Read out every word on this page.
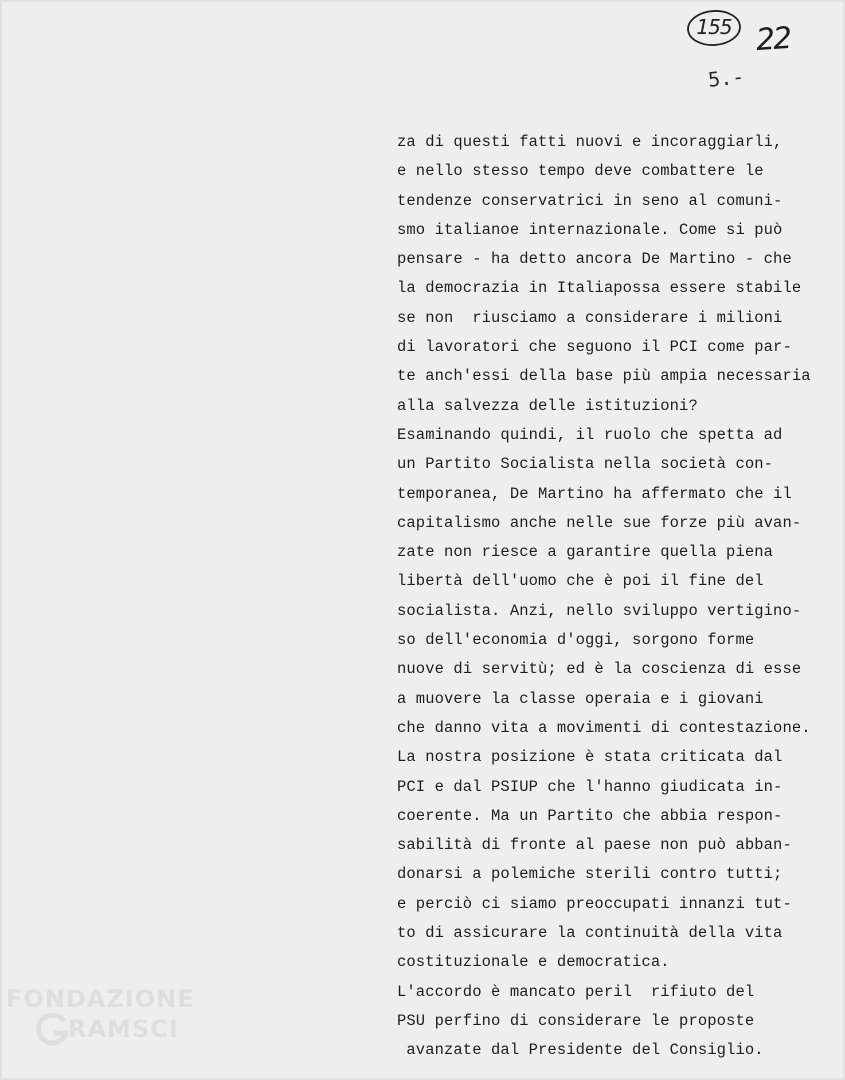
155 22
5.-
za di questi fatti nuovi e incoraggiarli,
e nello stesso tempo deve combattere le
tendenze conservatrici in seno al comuni-
smo italianoe internazionale. Come si può
pensare - ha detto ancora De Martino - che
la democrazia in Italiapossa essere stabile
se non  riusciamo a considerare i milioni
di lavoratori che seguono il PCI come par-
te anch'essi della base più ampia necessaria
alla salvezza delle istituzioni?
Esaminando quindi, il ruolo che spetta ad
un Partito Socialista nella società con-
temporanea, De Martino ha affermato che il
capitalismo anche nelle sue forze più avan-
zate non riesce a garantire quella piena
libertà dell'uomo che è poi il fine del
socialista. Anzi, nello sviluppo vertigino-
so dell'economia d'oggi, sorgono forme
nuove di servitù; ed è la coscienza di esse
a muovere la classe operaia e i giovani
che danno vita a movimenti di contestazione.
La nostra posizione è stata criticata dal
PCI e dal PSIUP che l'hanno giudicata in-
coerente. Ma un Partito che abbia respon-
sabilità di fronte al paese non può abban-
donarsi a polemiche sterili contro tutti;
e perciò ci siamo preoccupati innanzi tut-
to di assicurare la continuità della vita
costituzionale e democratica.
L'accordo è mancato peril  rifiuto del
PSU perfino di considerare le proposte
avanzate dal Presidente del Consiglio.
FONDAZIONE
RAMSCI
